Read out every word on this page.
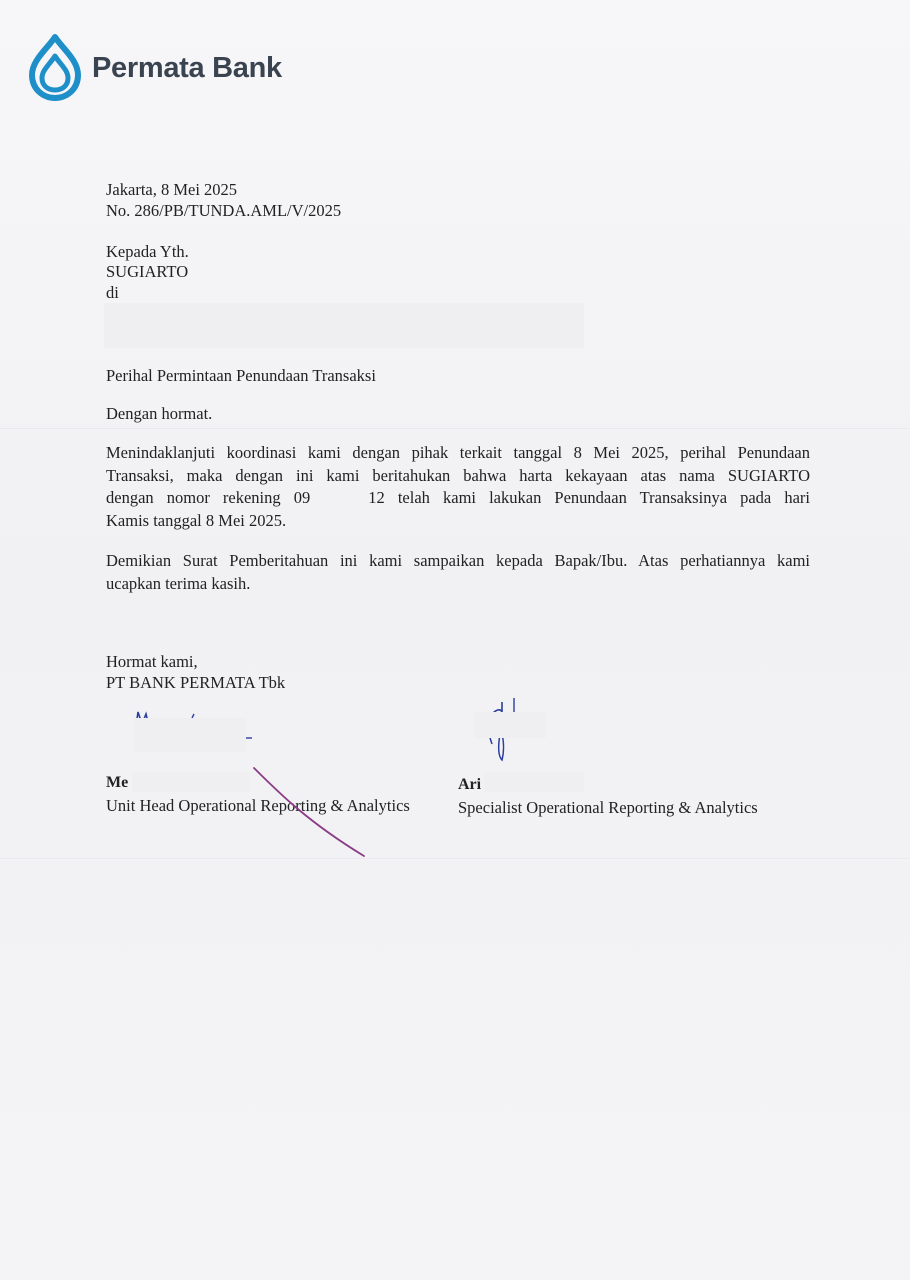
Permata Bank
Jakarta, 8 Mei 2025
No. 286/PB/TUNDA.AML/V/2025
Kepada Yth.
SUGIARTO
di
Perihal Permintaan Penundaan Transaksi
Dengan hormat.
Menindaklanjuti koordinasi kami dengan pihak terkait tanggal 8 Mei 2025, perihal Penundaan
Transaksi, maka dengan ini kami beritahukan bahwa harta kekayaan atas nama SUGIARTO
dengan nomor rekening 09	12 telah kami lakukan Penundaan Transaksinya pada hari
Kamis tanggal 8 Mei 2025.
Demikian Surat Pemberitahuan ini kami sampaikan kepada Bapak/Ibu. Atas perhatiannya kami
ucapkan terima kasih.
Hormat kami,
PT BANK PERMATA Tbk
Me
Unit Head Operational Reporting & Analytics
Ari
Specialist Operational Reporting & Analytics
